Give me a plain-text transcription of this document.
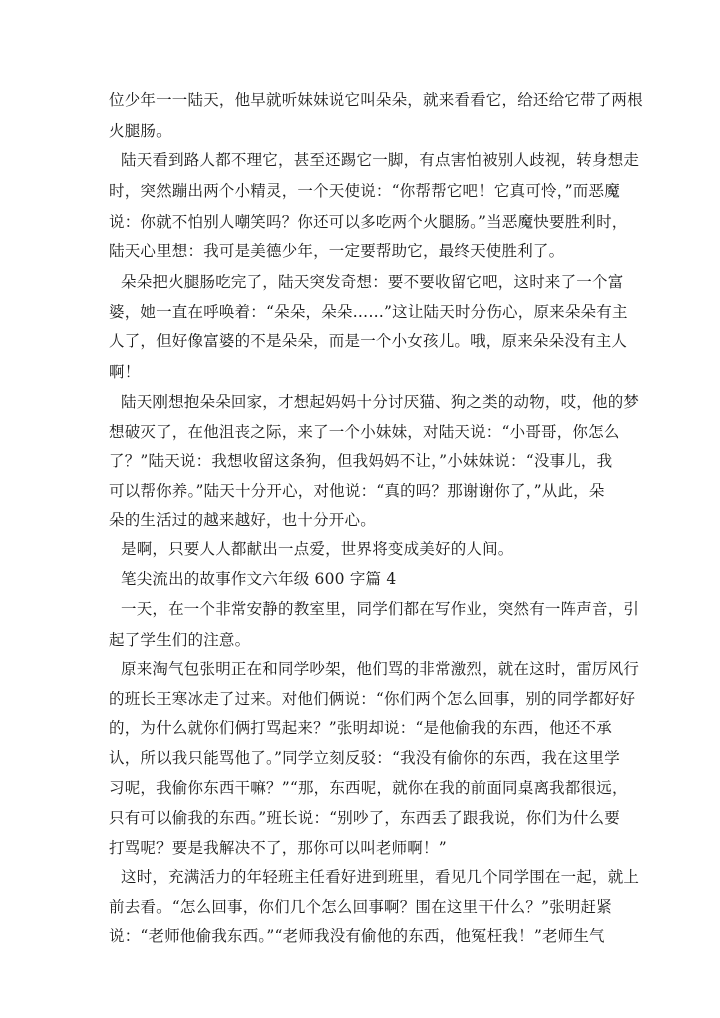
位少年一一陆天，他早就听妹妹说它叫朵朵，就来看看它，给还给它带了两根
火腿肠。
陆天看到路人都不理它，甚至还踢它一脚，有点害怕被别人歧视，转身想走
时，突然蹦出两个小精灵，一个天使说：“你帮帮它吧！它真可怜，”而恶魔
说：你就不怕别人嘲笑吗？你还可以多吃两个火腿肠。”当恶魔快要胜利时，
陆天心里想：我可是美德少年，一定要帮助它，最终天使胜利了。
朵朵把火腿肠吃完了，陆天突发奇想：要不要收留它吧，这时来了一个富
婆，她一直在呼唤着：“朵朵，朵朵……”这让陆天时分伤心，原来朵朵有主
人了，但好像富婆的不是朵朵，而是一个小女孩儿。哦，原来朵朵没有主人
啊！
陆天刚想抱朵朵回家，才想起妈妈十分讨厌猫、狗之类的动物，哎，他的梦
想破灭了，在他沮丧之际，来了一个小妹妹，对陆天说：“小哥哥，你怎么
了？”陆天说：我想收留这条狗，但我妈妈不让，”小妹妹说：“没事儿，我
可以帮你养。”陆天十分开心，对他说：“真的吗？那谢谢你了，”从此，朵
朵的生活过的越来越好，也十分开心。
是啊，只要人人都献出一点爱，世界将变成美好的人间。
笔尖流出的故事作文六年级 600 字篇 4
一天，在一个非常安静的教室里，同学们都在写作业，突然有一阵声音，引
起了学生们的注意。
原来淘气包张明正在和同学吵架，他们骂的非常激烈，就在这时，雷厉风行
的班长王寒冰走了过来。对他们俩说：“你们两个怎么回事，别的同学都好好
的，为什么就你们俩打骂起来？”张明却说：“是他偷我的东西，他还不承
认，所以我只能骂他了。”同学立刻反驳：“我没有偷你的东西，我在这里学
习呢，我偷你东西干嘛？”“那，东西呢，就你在我的前面同桌离我都很远，
只有可以偷我的东西。”班长说：“别吵了，东西丢了跟我说，你们为什么要
打骂呢？要是我解决不了，那你可以叫老师啊！”
这时，充满活力的年轻班主任看好进到班里，看见几个同学围在一起，就上
前去看。“怎么回事，你们几个怎么回事啊？围在这里干什么？”张明赶紧
说：“老师他偷我东西。”“老师我没有偷他的东西，他冤枉我！”老师生气
